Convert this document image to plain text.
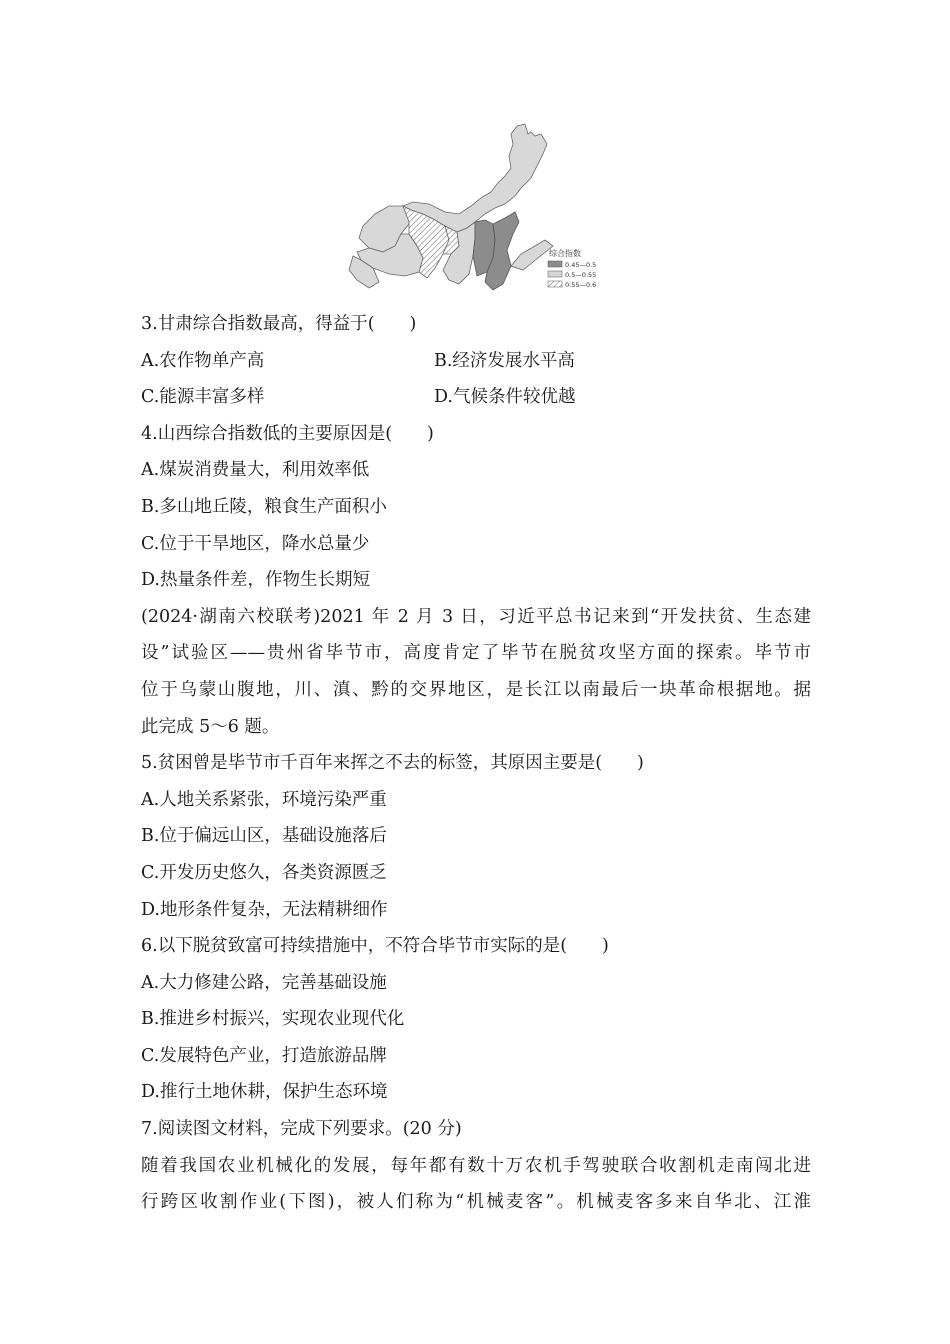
综合指数
0.45—0.5
0.5—0.55
0.55—0.6
3.甘肃综合指数最高，得益于(　　)
A.农作物单产高	B.经济发展水平高
C.能源丰富多样	D.气候条件较优越
4.山西综合指数低的主要原因是(　　)
A.煤炭消费量大，利用效率低
B.多山地丘陵，粮食生产面积小
C.位于干旱地区，降水总量少
D.热量条件差，作物生长期短
(2024·湖南六校联考)2021 年 2 月 3 日，习近平总书记来到“开发扶贫、生态建
设”试验区——贵州省毕节市，高度肯定了毕节在脱贫攻坚方面的探索。毕节市
位于乌蒙山腹地，川、滇、黔的交界地区，是长江以南最后一块革命根据地。据
此完成 5～6 题。
5.贫困曾是毕节市千百年来挥之不去的标签，其原因主要是(　　)
A.人地关系紧张，环境污染严重
B.位于偏远山区，基础设施落后
C.开发历史悠久，各类资源匮乏
D.地形条件复杂，无法精耕细作
6.以下脱贫致富可持续措施中，不符合毕节市实际的是(　　)
A.大力修建公路，完善基础设施
B.推进乡村振兴，实现农业现代化
C.发展特色产业，打造旅游品牌
D.推行土地休耕，保护生态环境
7.阅读图文材料，完成下列要求。(20 分)
随着我国农业机械化的发展，每年都有数十万农机手驾驶联合收割机走南闯北进
行跨区收割作业(下图)，被人们称为“机械麦客”。机械麦客多来自华北、江淮
